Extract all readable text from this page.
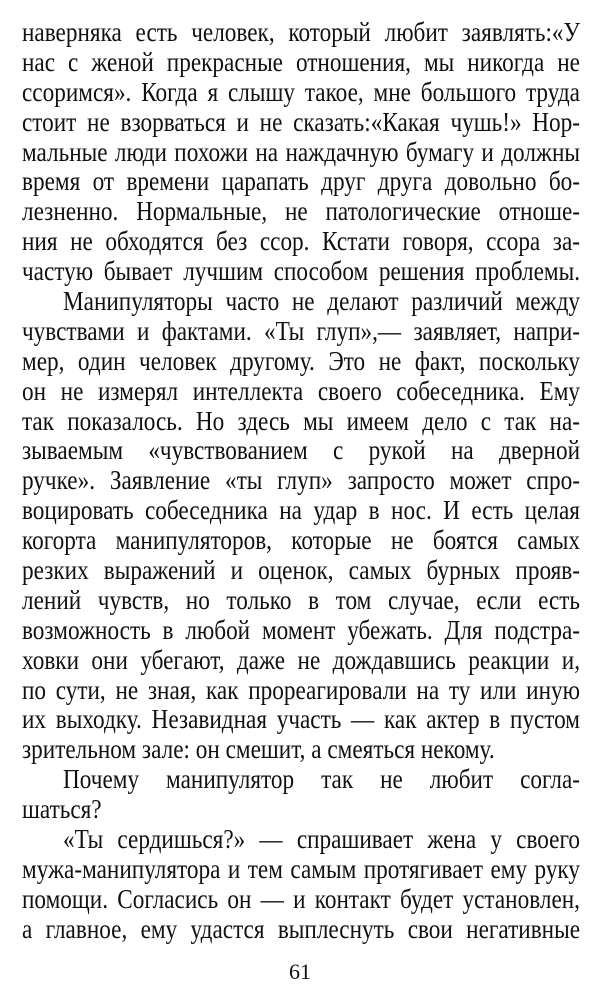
наверняка есть человек, который любит заявлять:«У
нас с женой прекрасные отношения, мы никогда не
ссоримся». Когда я слышу такое, мне большого труда
стоит не взорваться и не сказать:«Какая чушь!» Нор-
мальные люди похожи на наждачную бумагу и должны
время от времени царапать друг друга довольно бо-
лезненно. Нормальные, не патологические отноше-
ния не обходятся без ссор. Кстати говоря, ссора за-
частую бывает лучшим способом решения проблемы.
Манипуляторы часто не делают различий между
чувствами и фактами. «Ты глуп»,— заявляет, напри-
мер, один человек другому. Это не факт, поскольку
он не измерял интеллекта своего собеседника. Ему
так показалось. Но здесь мы имеем дело с так на-
зываемым «чувствованием с рукой на дверной
ручке». Заявление «ты глуп» запросто может спро-
воцировать собеседника на удар в нос. И есть целая
когорта манипуляторов, которые не боятся самых
резких выражений и оценок, самых бурных прояв-
лений чувств, но только в том случае, если есть
возможность в любой момент убежать. Для подстра-
ховки они убегают, даже не дождавшись реакции и,
по сути, не зная, как прореагировали на ту или иную
их выходку. Незавидная участь — как актер в пустом
зрительном зале: он смешит, а смеяться некому.
Почему манипулятор так не любит согла-
шаться?
«Ты сердишься?» — спрашивает жена у своего
мужа-манипулятора и тем самым протягивает ему руку
помощи. Согласись он — и контакт будет установлен,
а главное, ему удастся выплеснуть свои негативные
61
